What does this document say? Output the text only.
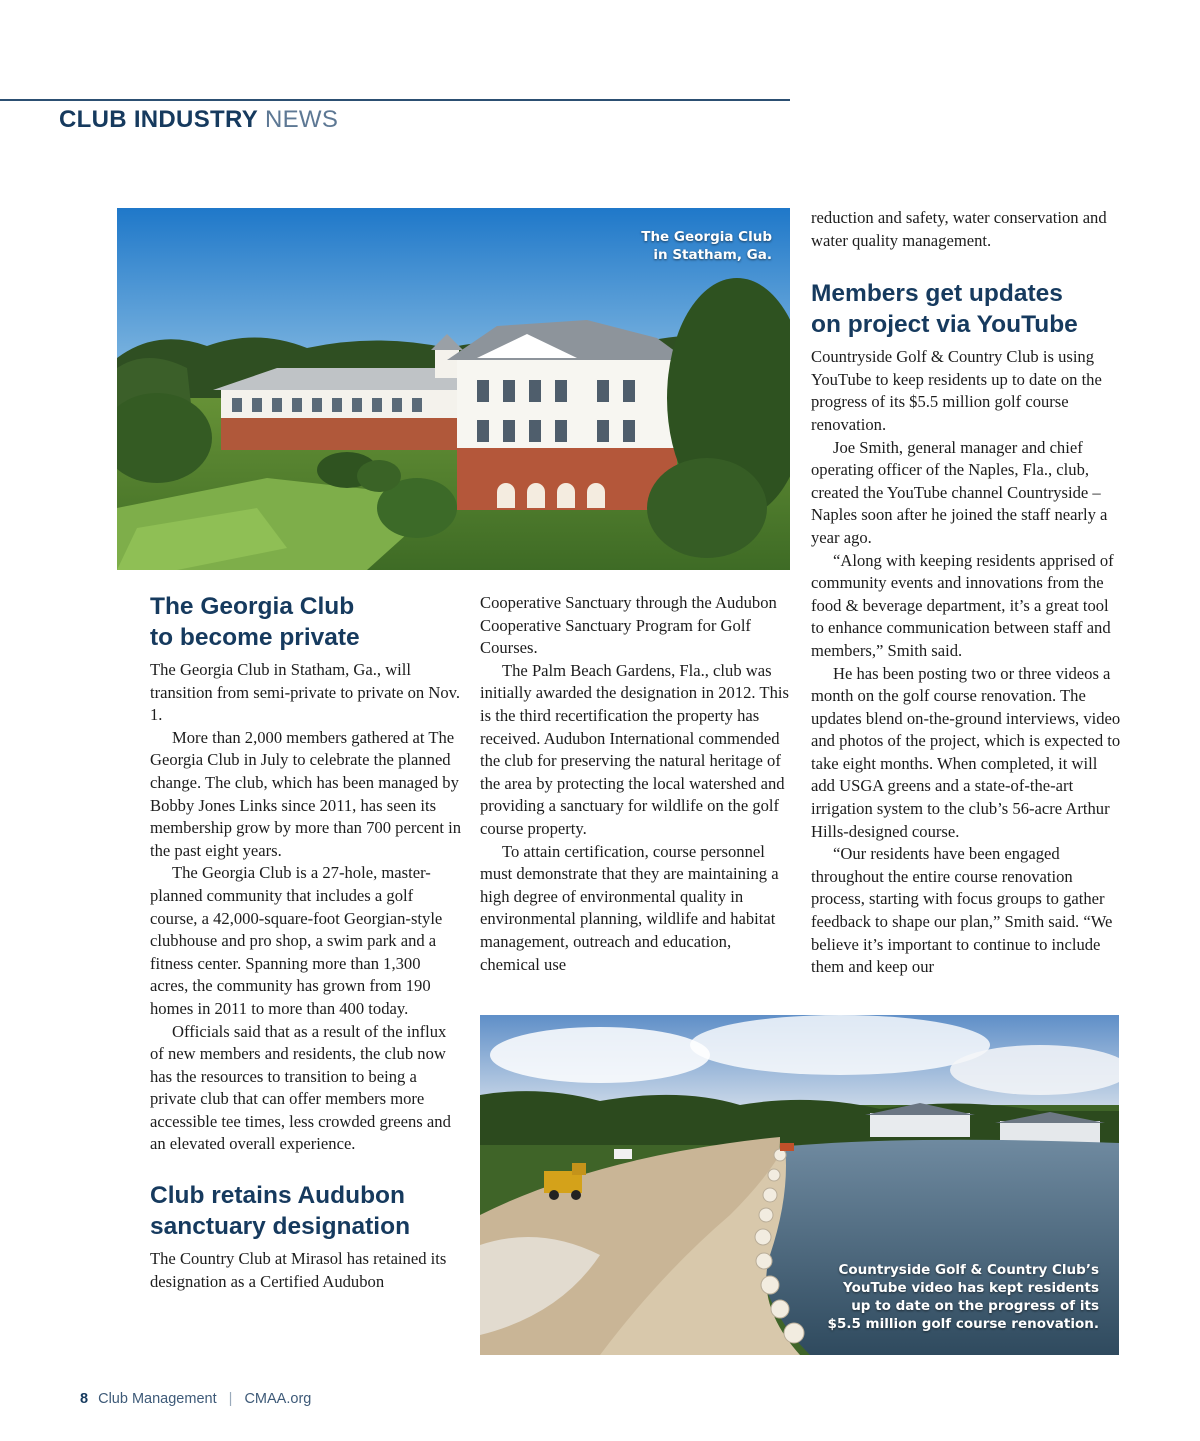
CLUB INDUSTRY NEWS
The Georgia Club
in Statham, Ga.
The Georgia Club
to become private

The Georgia Club in Statham, Ga., will transition from semi-private to private on Nov. 1.

More than 2,000 members gathered at The Georgia Club in July to celebrate the planned change. The club, which has been managed by Bobby Jones Links since 2011, has seen its membership grow by more than 700 percent in the past eight years.

The Georgia Club is a 27-hole, master-planned community that includes a golf course, a 42,000-square-foot Georgian-style clubhouse and pro shop, a swim park and a fitness center. Spanning more than 1,300 acres, the community has grown from 190 homes in 2011 to more than 400 today.

Officials said that as a result of the influx of new members and residents, the club now has the resources to transition to being a private club that can offer members more accessible tee times, less crowded greens and an elevated overall experience.

Club retains Audubon
sanctuary designation

The Country Club at Mirasol has retained its designation as a Certified Audubon

Cooperative Sanctuary through the Audubon Cooperative Sanctuary Program for Golf Courses.

The Palm Beach Gardens, Fla., club was initially awarded the designation in 2012. This is the third recertification the property has received. Audubon International commended the club for preserving the natural heritage of the area by protecting the local watershed and providing a sanctuary for wildlife on the golf course property.

To attain certification, course personnel must demonstrate that they are maintaining a high degree of environmental quality in environmental planning, wildlife and habitat management, outreach and education, chemical use

reduction and safety, water conservation and water quality management.

Members get updates
on project via YouTube

Countryside Golf & Country Club is using YouTube to keep residents up to date on the progress of its $5.5 million golf course renovation.

Joe Smith, general manager and chief operating officer of the Naples, Fla., club, created the YouTube channel Countryside – Naples soon after he joined the staff nearly a year ago.

“Along with keeping residents apprised of community events and innovations from the food & beverage department, it’s a great tool to enhance communication between staff and members,” Smith said.

He has been posting two or three videos a month on the golf course renovation. The updates blend on-the-ground interviews, video and photos of the project, which is expected to take eight months. When completed, it will add USGA greens and a state-of-the-art irrigation system to the club’s 56-acre Arthur Hills-designed course.

“Our residents have been engaged throughout the entire course renovation process, starting with focus groups to gather feedback to shape our plan,” Smith said. “We believe it’s important to continue to include them and keep our

Countryside Golf & Country Club’s
YouTube video has kept residents
up to date on the progress of its
$5.5 million golf course renovation.
8 Club Management | CMAA.org
